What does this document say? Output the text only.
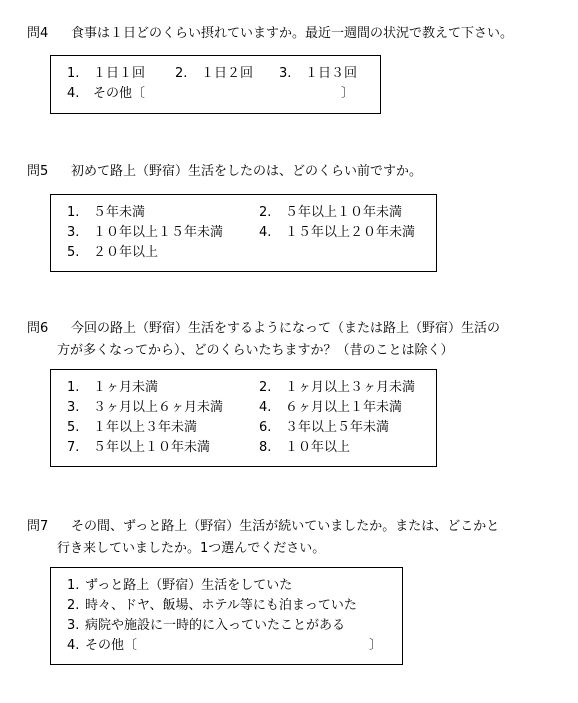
問4 食事は１日どのくらい摂れていますか。最近一週間の状況で教えて下さい。
1. １日１回 2. １日２回 3. １日３回
4. その他〔	〕
問5 初めて路上（野宿）生活をしたのは、どのくらい前ですか。
1. ５年未満	2. ５年以上１０年未満
3. １０年以上１５年未満	4. １５年以上２０年未満
5. ２０年以上
問6 今回の路上（野宿）生活をするようになって（または路上（野宿）生活の
方が多くなってから）、どのくらいたちますか？（昔のことは除く）
1. １ヶ月未満	2. １ヶ月以上３ヶ月未満
3. ３ヶ月以上６ヶ月未満	4. ６ヶ月以上１年未満
5. １年以上３年未満	6. ３年以上５年未満
7. ５年以上１０年未満	8. １０年以上
問7 その間、ずっと路上（野宿）生活が続いていましたか。または、どこかと
行き来していましたか。1つ選んでください。
1. ずっと路上（野宿）生活をしていた
2. 時々、ドヤ、飯場、ホテル等にも泊まっていた
3. 病院や施設に一時的に入っていたことがある
4. その他〔	〕
